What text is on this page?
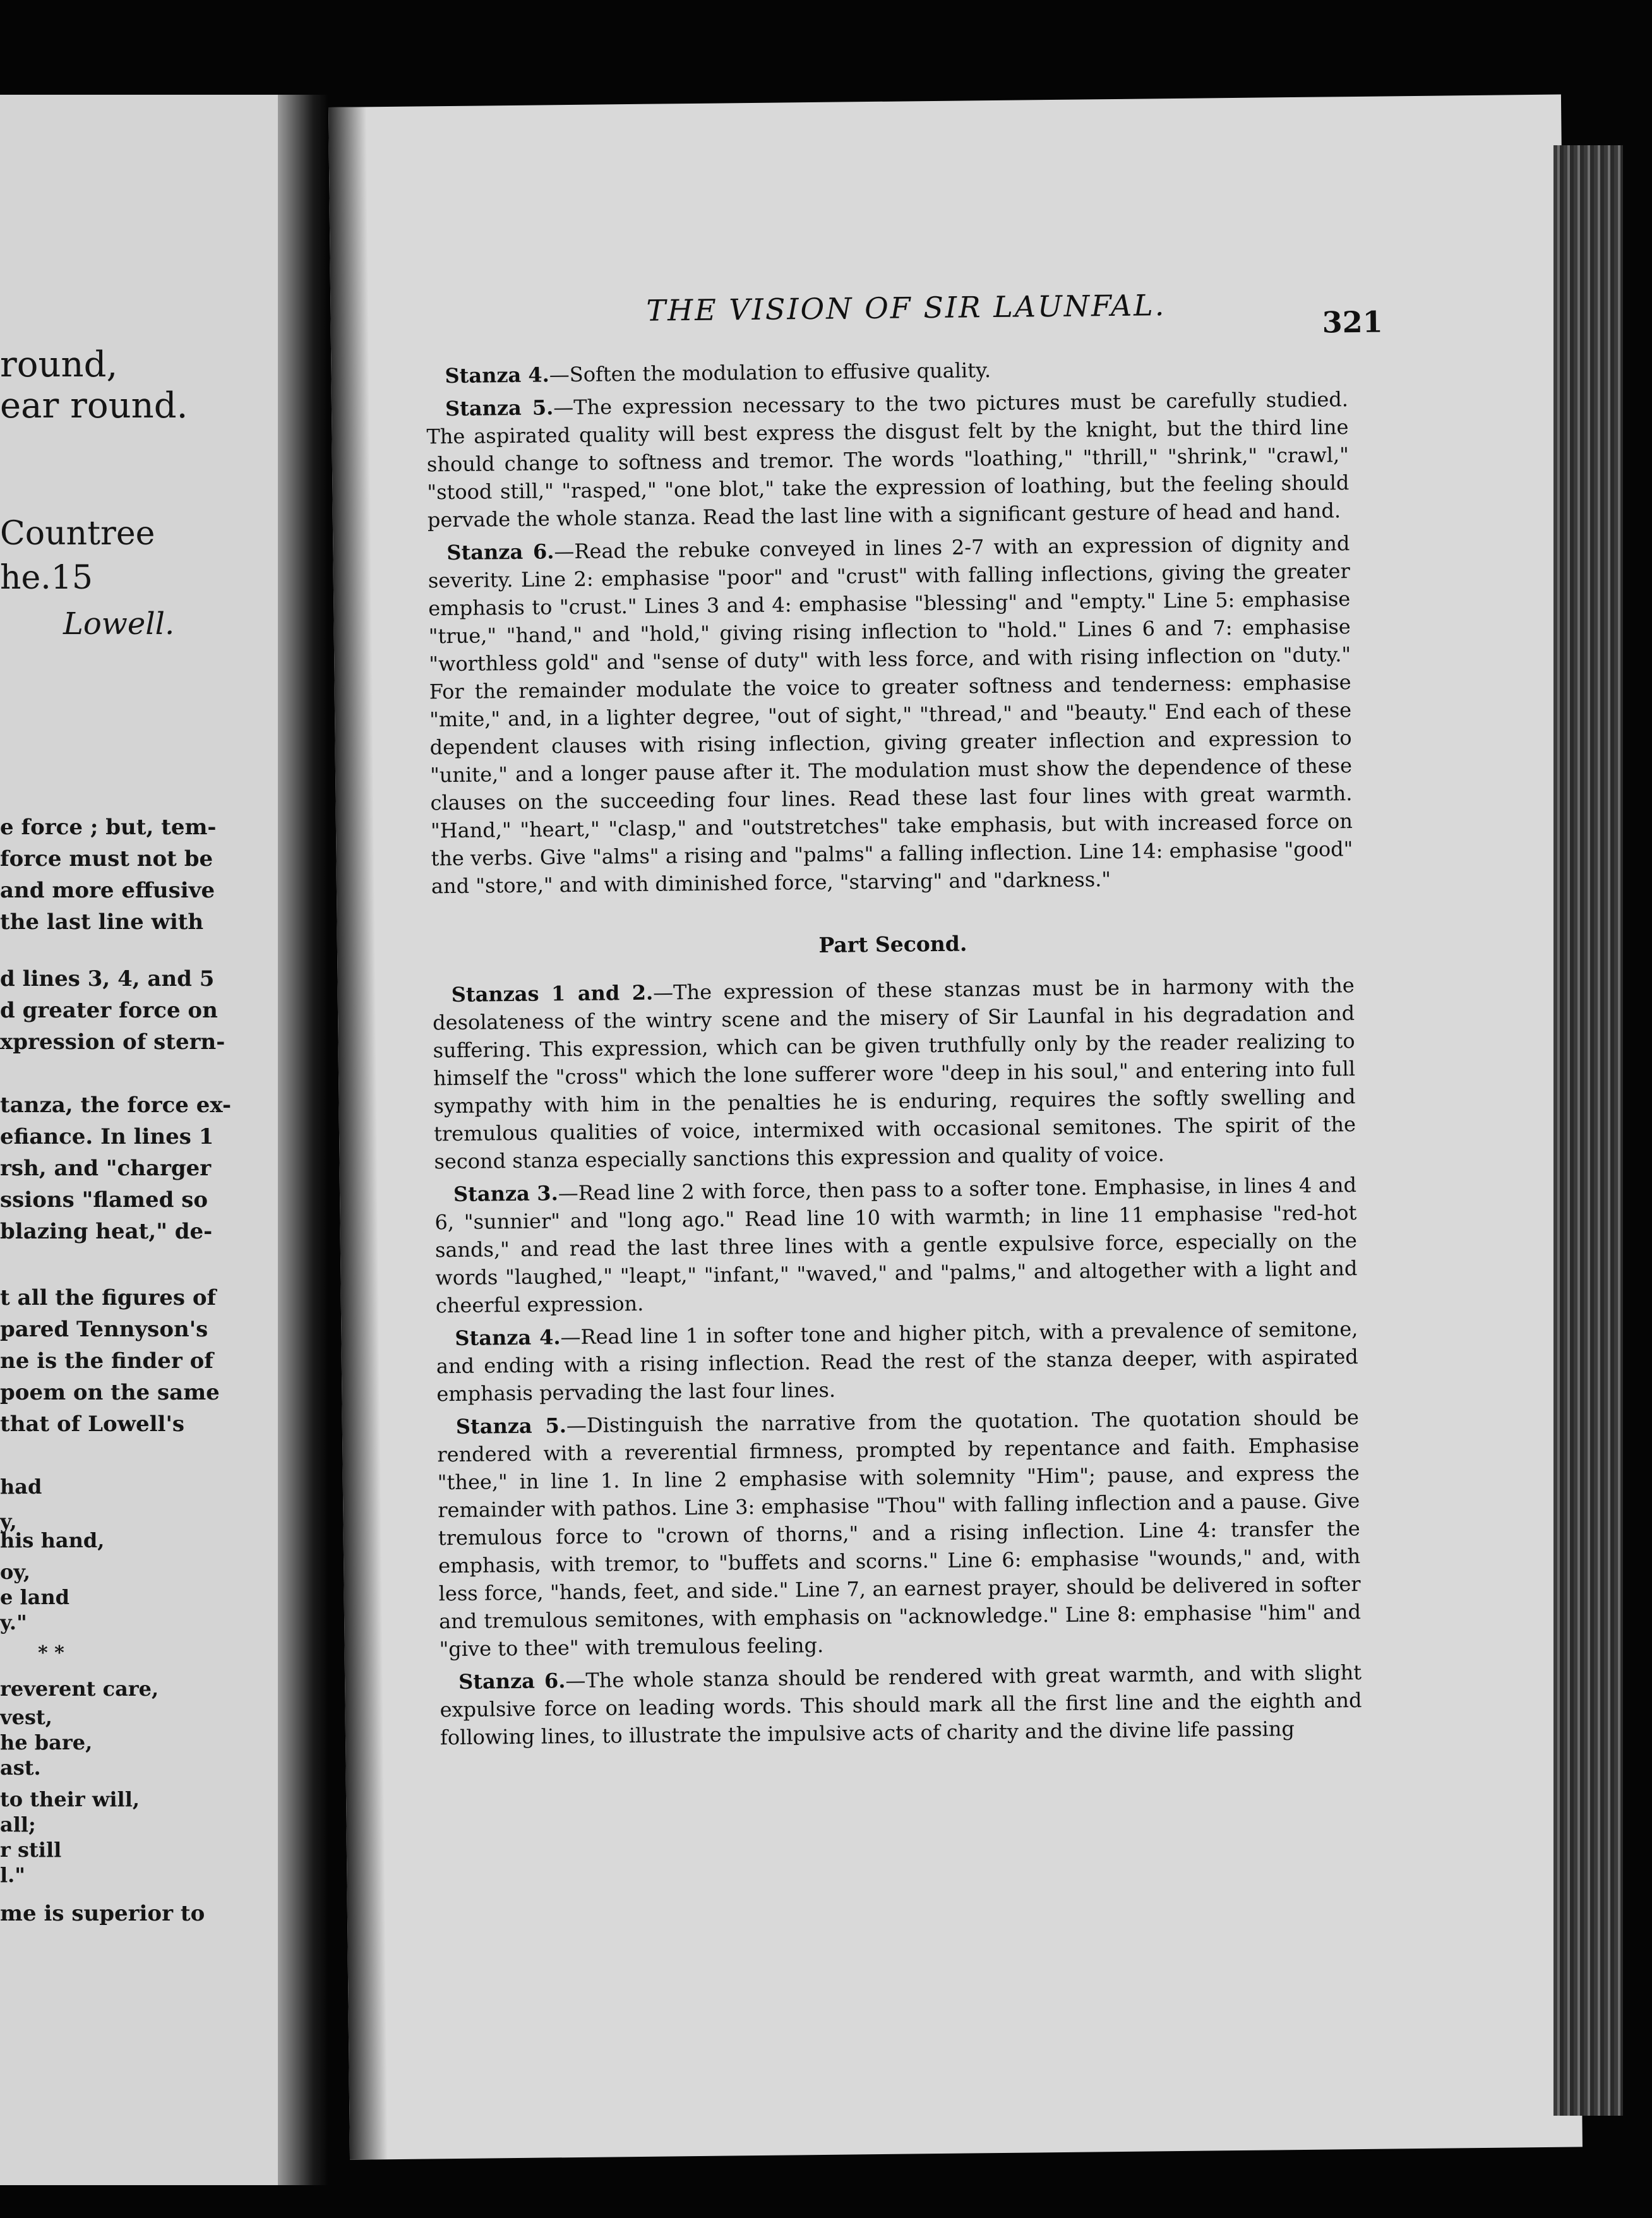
round,
ear round.
Countree
he.15
Lowell.
e force ; but, tem-
force must not be
and more effusive
the last line with
d lines 3, 4, and 5
d greater force on
xpression of stern-
tanza, the force ex-
efiance. In lines 1
rsh, and "charger
ssions "flamed so
blazing heat," de-
t all the figures of
pared Tennyson's
ne is the finder of
poem on the same
that of Lowell's
had
y,
his hand,
oy,
e land
y."
* *
reverent care,
vest,
he bare,
ast.
to their will,
all;
r still
l."
me is superior to
THE VISION OF SIR LAUNFAL.	321

Stanza 4.—Soften the modulation to effusive quality.

Stanza 5.—The expression necessary to the two pictures must be carefully studied. The aspirated quality will best express the disgust felt by the knight, but the third line should change to softness and tremor. The words "loathing," "thrill," "shrink," "crawl," "stood still," "rasped," "one blot," take the expression of loathing, but the feeling should pervade the whole stanza. Read the last line with a significant gesture of head and hand.

Stanza 6.—Read the rebuke conveyed in lines 2-7 with an expression of dignity and severity. Line 2: emphasise "poor" and "crust" with falling inflections, giving the greater emphasis to "crust." Lines 3 and 4: emphasise "blessing" and "empty." Line 5: emphasise "true," "hand," and "hold," giving rising inflection to "hold." Lines 6 and 7: emphasise "worthless gold" and "sense of duty" with less force, and with rising inflection on "duty." For the remainder modulate the voice to greater softness and tenderness: emphasise "mite," and, in a lighter degree, "out of sight," "thread," and "beauty." End each of these dependent clauses with rising inflection, giving greater inflection and expression to "unite," and a longer pause after it. The modulation must show the dependence of these clauses on the succeeding four lines. Read these last four lines with great warmth. "Hand," "heart," "clasp," and "outstretches" take emphasis, but with increased force on the verbs. Give "alms" a rising and "palms" a falling inflection. Line 14: emphasise "good" and "store," and with diminished force, "starving" and "darkness."

Part Second.

Stanzas 1 and 2.—The expression of these stanzas must be in harmony with the desolateness of the wintry scene and the misery of Sir Launfal in his degradation and suffering. This expression, which can be given truthfully only by the reader realizing to himself the "cross" which the lone sufferer wore "deep in his soul," and entering into full sympathy with him in the penalties he is enduring, requires the softly swelling and tremulous qualities of voice, intermixed with occasional semitones. The spirit of the second stanza especially sanctions this expression and quality of voice.

Stanza 3.—Read line 2 with force, then pass to a softer tone. Emphasise, in lines 4 and 6, "sunnier" and "long ago." Read line 10 with warmth; in line 11 emphasise "red-hot sands," and read the last three lines with a gentle expulsive force, especially on the words "laughed," "leapt," "infant," "waved," and "palms," and altogether with a light and cheerful expression.

Stanza 4.—Read line 1 in softer tone and higher pitch, with a prevalence of semitone, and ending with a rising inflection. Read the rest of the stanza deeper, with aspirated emphasis pervading the last four lines.

Stanza 5.—Distinguish the narrative from the quotation. The quotation should be rendered with a reverential firmness, prompted by repentance and faith. Emphasise "thee," in line 1. In line 2 emphasise with solemnity "Him"; pause, and express the remainder with pathos. Line 3: emphasise "Thou" with falling inflection and a pause. Give tremulous force to "crown of thorns," and a rising inflection. Line 4: transfer the emphasis, with tremor, to "buffets and scorns." Line 6: emphasise "wounds," and, with less force, "hands, feet, and side." Line 7, an earnest prayer, should be delivered in softer and tremulous semitones, with emphasis on "acknowledge." Line 8: emphasise "him" and "give to thee" with tremulous feeling.

Stanza 6.—The whole stanza should be rendered with great warmth, and with slight expulsive force on leading words. This should mark all the first line and the eighth and following lines, to illustrate the impulsive acts of charity and the divine life passing
